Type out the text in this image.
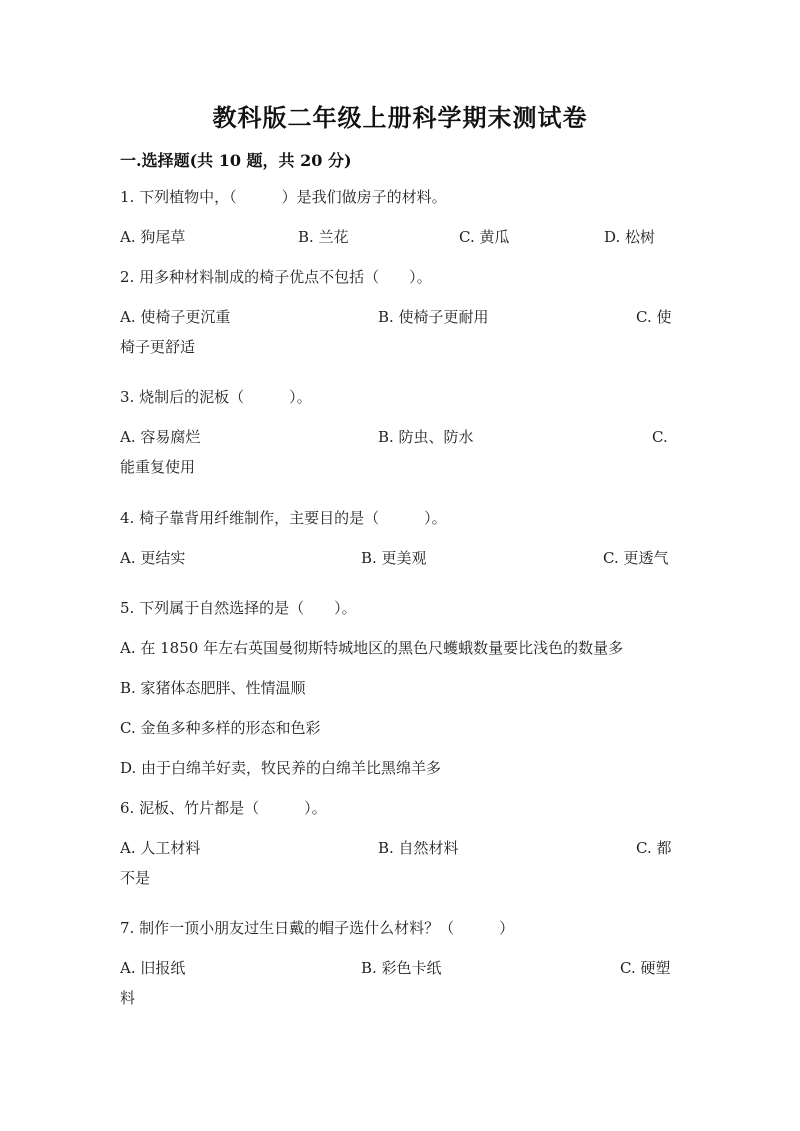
教科版二年级上册科学期末测试卷
一.选择题(共 10 题，共 20 分)
1. 下列植物中，（　　　）是我们做房子的材料。
A. 狗尾草	B. 兰花	C. 黄瓜	D. 松树
2. 用多种材料制成的椅子优点不包括（　　）。
A. 使椅子更沉重	B. 使椅子更耐用	C. 使
椅子更舒适
3. 烧制后的泥板（　　　）。
A. 容易腐烂	B. 防虫、防水	C.
能重复使用
4. 椅子靠背用纤维制作，主要目的是（　　　）。
A. 更结实	B. 更美观	C. 更透气
5. 下列属于自然选择的是（　　）。
A. 在 1850 年左右英国曼彻斯特城地区的黑色尺蠖蛾数量要比浅色的数量多
B. 家猪体态肥胖、性情温顺
C. 金鱼多种多样的形态和色彩
D. 由于白绵羊好卖，牧民养的白绵羊比黑绵羊多
6. 泥板、竹片都是（　　　）。
A. 人工材料	B. 自然材料	C. 都
不是
7. 制作一顶小朋友过生日戴的帽子选什么材料？（　　　）
A. 旧报纸	B. 彩色卡纸	C. 硬塑
料
